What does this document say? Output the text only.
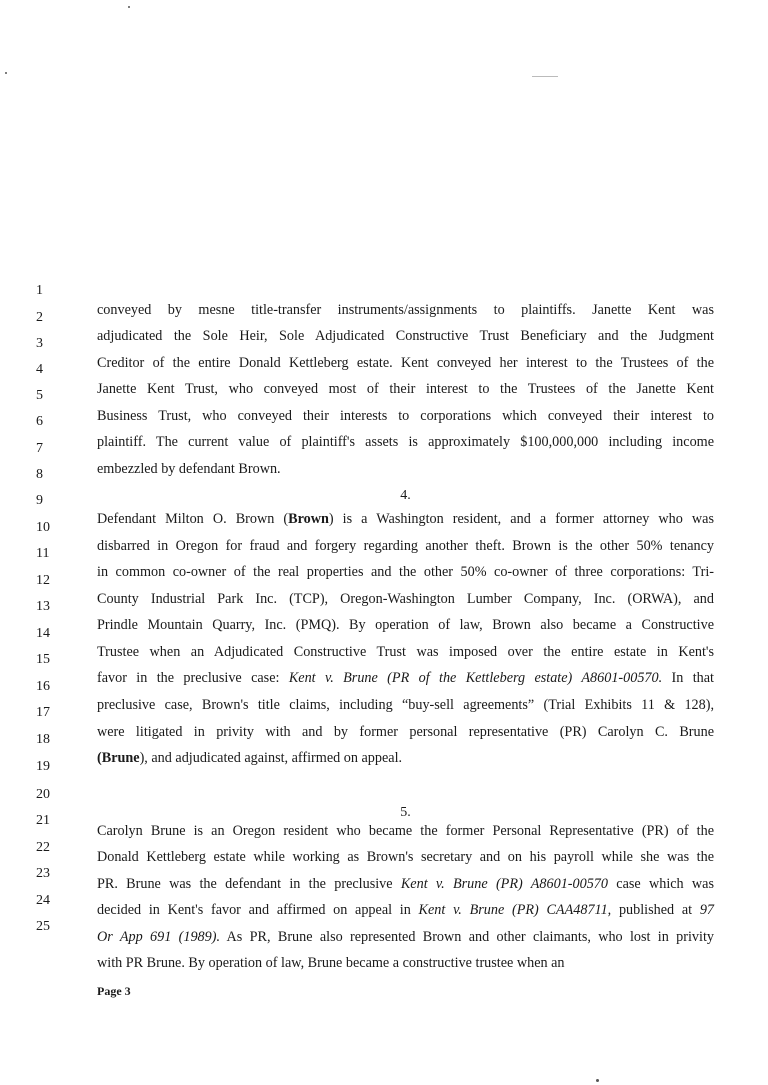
1
2
3
4
5
6
7
8
9
10
11
12
13
14
15
16
17
18
19
20
21
22
23
24
25
conveyed by mesne title-transfer instruments/assignments to plaintiffs. Janette Kent was
adjudicated the Sole Heir, Sole Adjudicated Constructive Trust Beneficiary and the Judgment
Creditor of the entire Donald Kettleberg estate. Kent conveyed her interest to the Trustees of the
Janette Kent Trust, who conveyed most of their interest to the Trustees of the Janette Kent
Business Trust, who conveyed their interests to corporations which conveyed their interest to
plaintiff. The current value of plaintiff's assets is approximately $100,000,000 including income
embezzled by defendant Brown.
4.
Defendant Milton O. Brown (Brown) is a Washington resident, and a former attorney who was
disbarred in Oregon for fraud and forgery regarding another theft. Brown is the other 50% tenancy
in common co-owner of the real properties and the other 50% co-owner of three corporations: Tri-
County Industrial Park Inc. (TCP), Oregon-Washington Lumber Company, Inc. (ORWA), and
Prindle Mountain Quarry, Inc. (PMQ). By operation of law, Brown also became a Constructive
Trustee when an Adjudicated Constructive Trust was imposed over the entire estate in Kent's
favor in the preclusive case: Kent v. Brune (PR of the Kettleberg estate) A8601-00570. In that
preclusive case, Brown's title claims, including “buy-sell agreements” (Trial Exhibits 11 & 128),
were litigated in privity with and by former personal representative (PR) Carolyn C. Brune
(Brune), and adjudicated against, affirmed on appeal.
5.
Carolyn Brune is an Oregon resident who became the former Personal Representative (PR) of the
Donald Kettleberg estate while working as Brown's secretary and on his payroll while she was the
PR. Brune was the defendant in the preclusive Kent v. Brune (PR) A8601-00570 case which was
decided in Kent's favor and affirmed on appeal in Kent v. Brune (PR) CAA48711, published at 97
Or App 691 (1989). As PR, Brune also represented Brown and other claimants, who lost in privity
with PR Brune. By operation of law, Brune became a constructive trustee when an
Page 3
